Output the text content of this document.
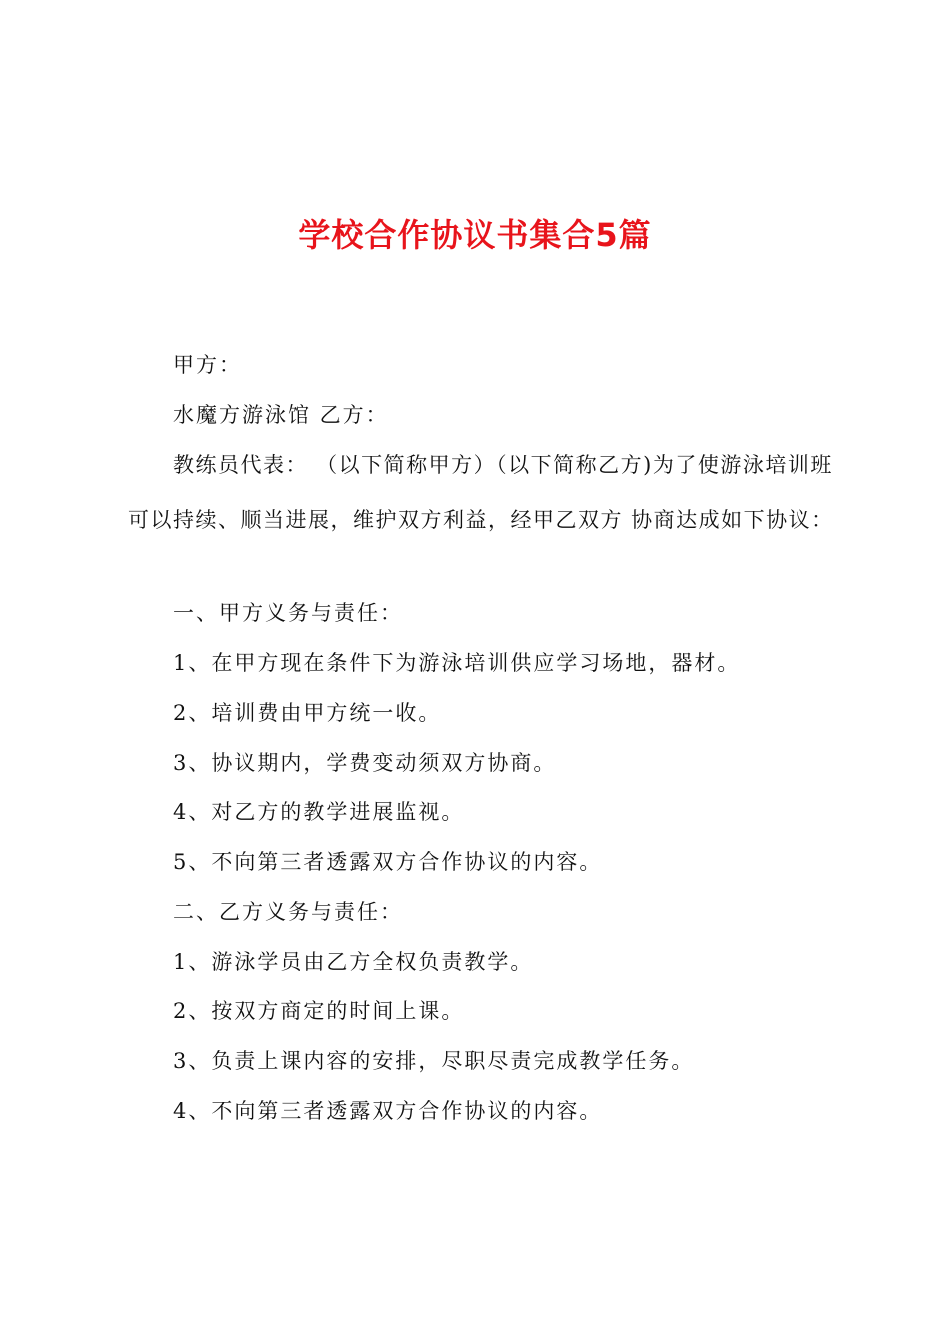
学校合作协议书集合5篇
甲方：
水魔方游泳馆 乙方：
教练员代表： （以下简称甲方）（以下简称乙方)为了使游泳培训班
可以持续、顺当进展，维护双方利益，经甲乙双方 协商达成如下协议：
一、甲方义务与责任：
1、在甲方现在条件下为游泳培训供应学习场地，器材。
2、培训费由甲方统一收。
3、协议期内，学费变动须双方协商。
4、对乙方的教学进展监视。
5、不向第三者透露双方合作协议的内容。
二、乙方义务与责任：
1、游泳学员由乙方全权负责教学。
2、按双方商定的时间上课。
3、负责上课内容的安排，尽职尽责完成教学任务。
4、不向第三者透露双方合作协议的内容。
